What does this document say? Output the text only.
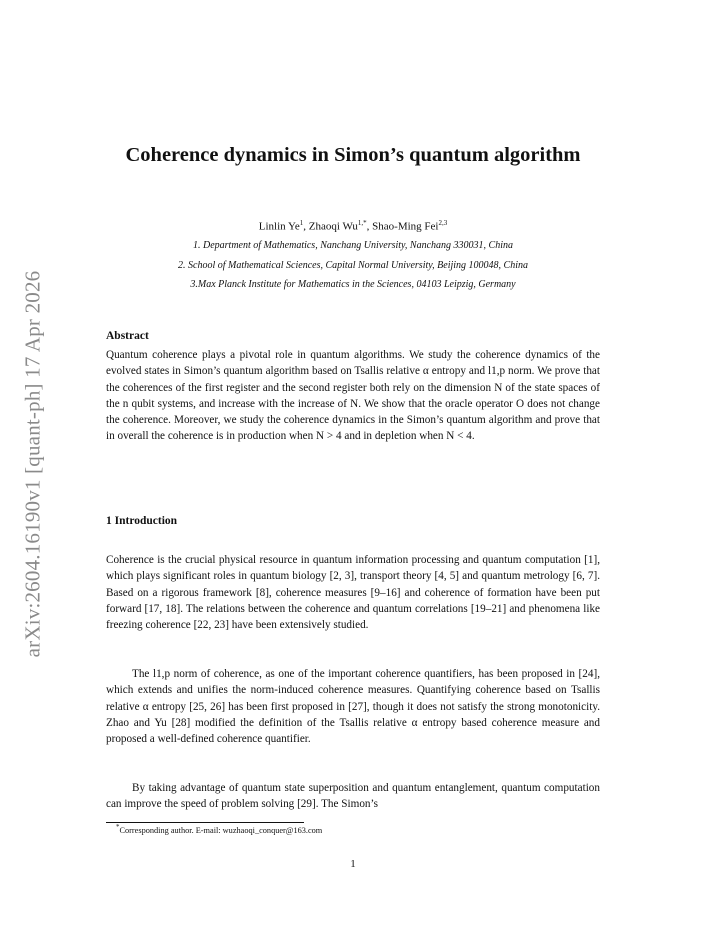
arXiv:2604.16190v1 [quant-ph] 17 Apr 2026
Coherence dynamics in Simon’s quantum algorithm
Linlin Ye$^1$, Zhaoqi $Wu^{1,*}$, Shao-Ming Fei$^{2,3}$
1. Department of Mathematics, Nanchang University, Nanchang 330031, China
2. School of Mathematical Sciences, Capital Normal University, Beijing 100048, China
3.Max Planck Institute for Mathematics in the Sciences, 04103 Leipzig, Germany
Abstract

Quantum coherence plays a pivotal role in quantum algorithms. We study the coherence dynamics of the evolved states in Simon’s quantum algorithm based on Tsallis relative α entropy and l1,p norm. We prove that the coherences of the first register and the second register both rely on the dimension N of the state spaces of the n qubit systems, and increase with the increase of N. We show that the oracle operator O does not change the coherence. Moreover, we study the coherence dynamics in the Simon’s quantum algorithm and prove that in overall the coherence is in production when N > 4 and in depletion when N < 4.

1 Introduction

Coherence is the crucial physical resource in quantum information processing and quantum computation [1], which plays significant roles in quantum biology [2, 3], transport theory [4, 5] and quantum metrology [6, 7]. Based on a rigorous framework [8], coherence measures [9–16] and coherence of formation have been put forward [17, 18]. The relations between the coherence and quantum correlations [19–21] and phenomena like freezing coherence [22, 23] have been extensively studied.

The l1,p norm of coherence, as one of the important coherence quantifiers, has been proposed in [24], which extends and unifies the norm-induced coherence measures. Quantifying coherence based on Tsallis relative α entropy [25, 26] has been first proposed in [27], though it does not satisfy the strong monotonicity. Zhao and Yu [28] modified the definition of the Tsallis relative α entropy based coherence measure and proposed a well-defined coherence quantifier.

By taking advantage of quantum state superposition and quantum entanglement, quantum computation can improve the speed of problem solving [29]. The Simon’s

*Corresponding author. E-mail: wuzhaoqi_conquer@163.com
1
